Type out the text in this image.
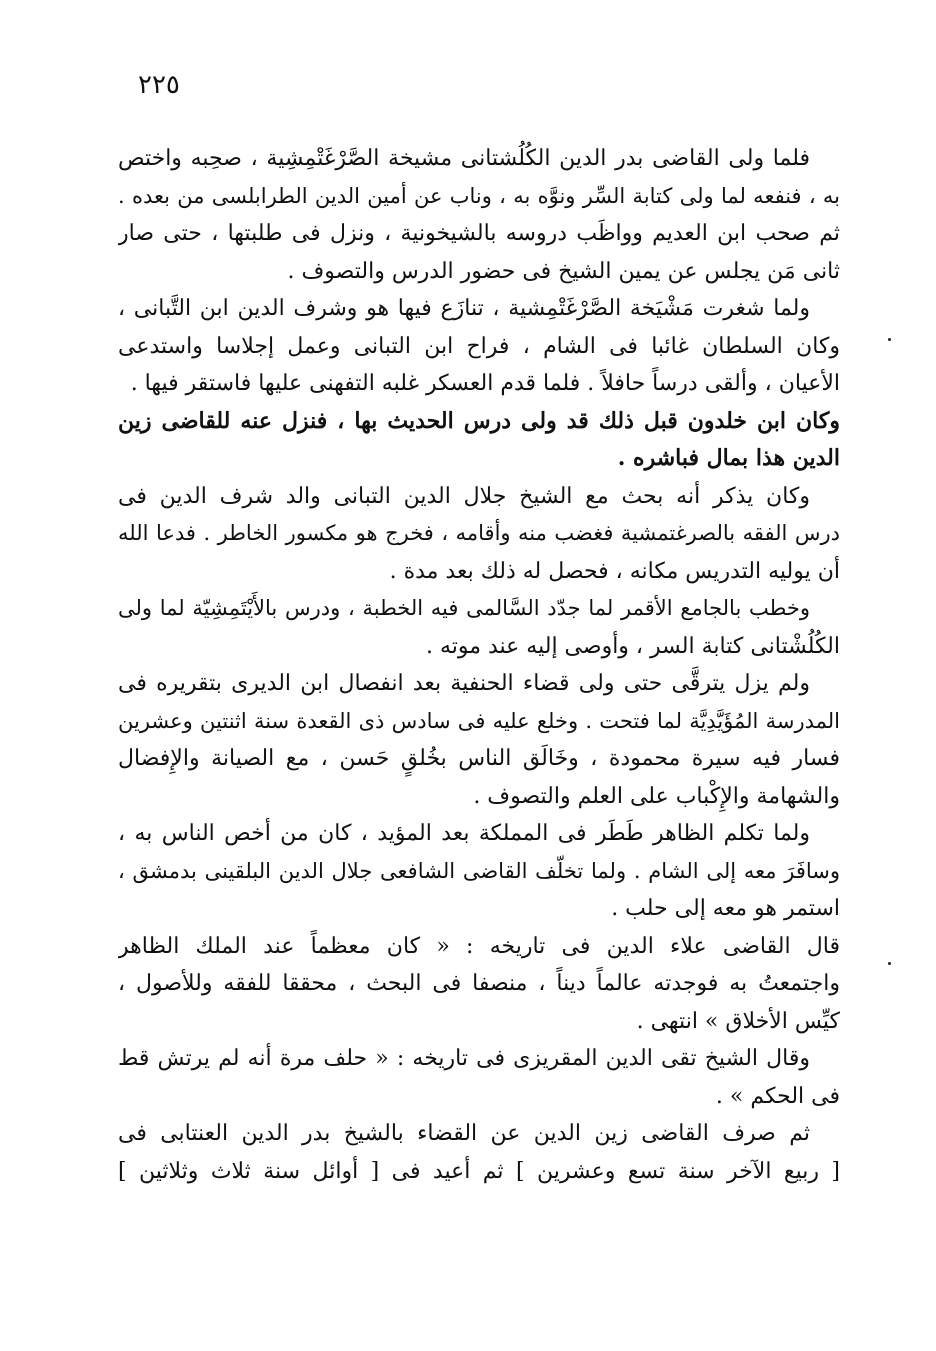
٢٢٥
فلما ولى القاضى بدر الدين الكُلُشتانى مشيخة الصَّرْغَتْمِشِية ، صحِبه واختص
به ، فنفعه لما ولى كتابة السِّر ونوَّه به ، وناب عن أمين الدين الطرابلسى من بعده .
ثم صحب ابن العديم وواظَب دروسه بالشيخونية ، ونزل فى طلبتها ، حتى صار
ثانى مَن يجلس عن يمين الشيخ فى حضور الدرس والتصوف .
ولما شغرت مَشْيَخة الصَّرْغَتْمِشية ، تنازَع فيها هو وشرف الدين ابن التَّبانى ،
وكان السلطان غائبا فى الشام ، فراح ابن التبانى وعمل إجلاسا واستدعى
الأعيان ، وألقى درساً حافلاً . فلما قدم العسكر غلبه التفهنى عليها فاستقر فيها .
وكان ابن خلدون قبل ذلك قد ولى درس الحديث بها ، فنزل عنه للقاضى زين
الدين هذا بمال فباشره .
وكان يذكر أنه بحث مع الشيخ جلال الدين التبانى والد شرف الدين فى
درس الفقه بالصرغتمشية فغضب منه وأقامه ، فخرج هو مكسور الخاطر . فدعا الله
أن يوليه التدريس مكانه ، فحصل له ذلك بعد مدة .
وخطب بالجامع الأقمر لما جدّد السَّالمى فيه الخطبة ، ودرس بالأَيْتَمِشِيّة لما ولى
الكُلُشْتانى كتابة السر ، وأوصى إليه عند موته .
ولم يزل يترقَّى حتى ولى قضاء الحنفية بعد انفصال ابن الديرى بتقريره فى
المدرسة المُؤَيَّدِيَّة لما فتحت . وخلع عليه فى سادس ذى القعدة سنة اثنتين وعشرين
فسار فيه سيرة محمودة ، وخَالَق الناس بخُلقٍ حَسن ، مع الصيانة والإِفضال
والشهامة والإِكْباب على العلم والتصوف .
ولما تكلم الظاهر طَطَر فى المملكة بعد المؤيد ، كان من أخص الناس به ،
وسافَرَ معه إلى الشام . ولما تخلّف القاضى الشافعى جلال الدين البلقينى بدمشق ،
استمر هو معه إلى حلب .
قال القاضى علاء الدين فى تاريخه : « كان معظماً عند الملك الظاهر
واجتمعتُ به فوجدته عالماً ديناً ، منصفا فى البحث ، محققا للفقه وللأصول ،
كيِّس الأخلاق » انتهى .
وقال الشيخ تقى الدين المقريزى فى تاريخه : « حلف مرة أنه لم يرتش قط
فى الحكم » .
ثم صرف القاضى زين الدين عن القضاء بالشيخ بدر الدين العنتابى فى
[ ربيع الآخر سنة تسع وعشرين ] ثم أعيد فى [ أوائل سنة ثلاث وثلاثين ]
